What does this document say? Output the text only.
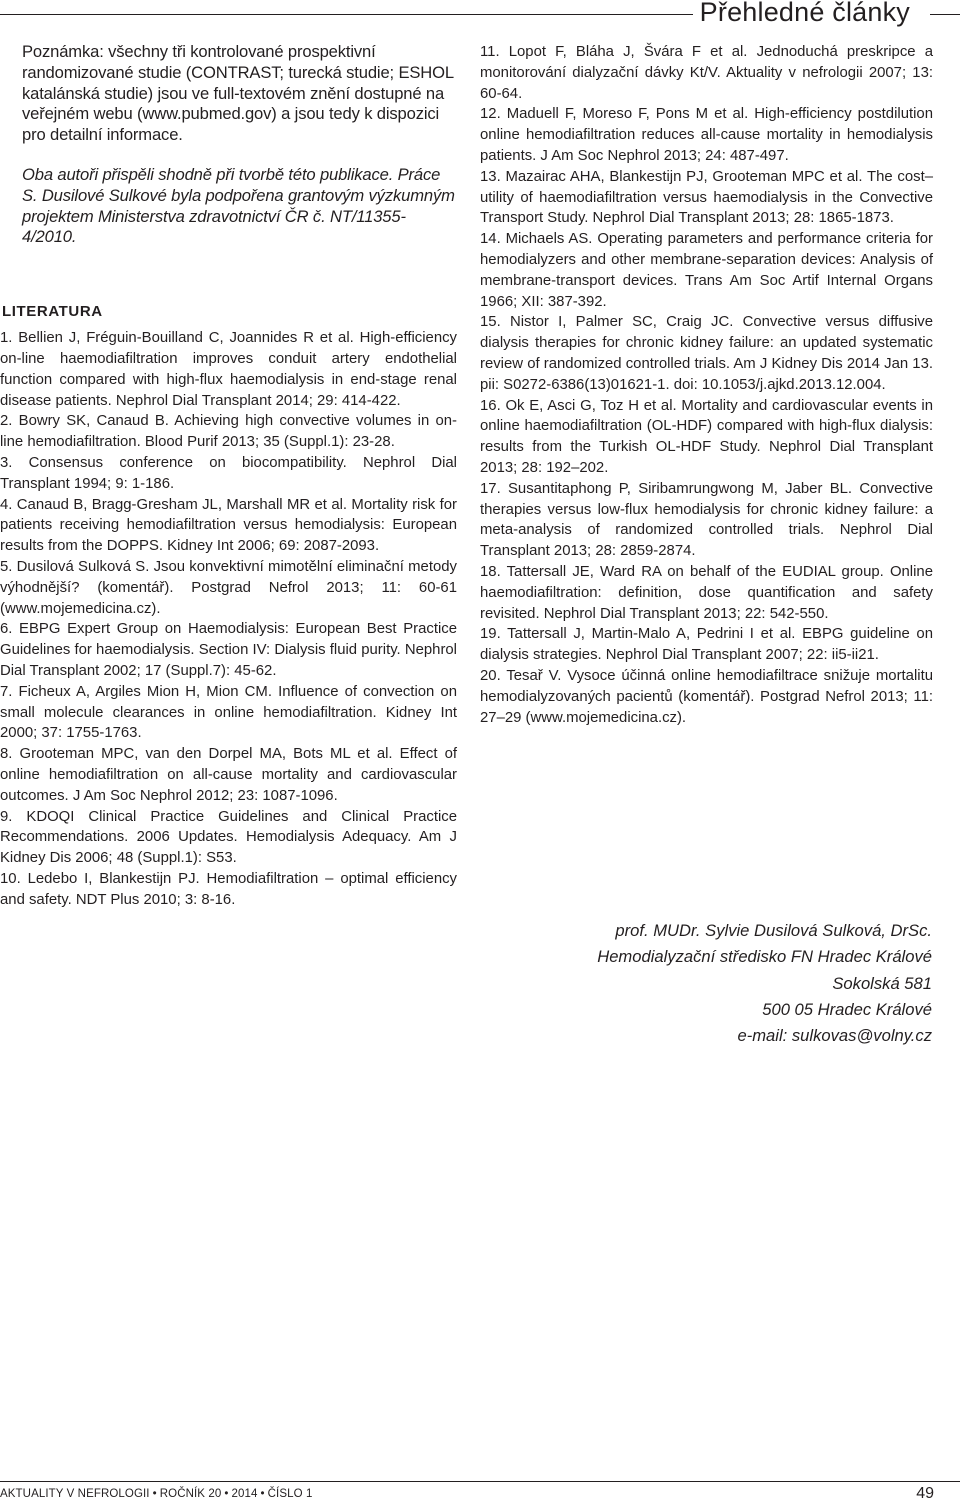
Přehledné články

Poznámka: všechny tři kontrolované prospektivní randomizované studie (CONTRAST; turecká studie; ESHOL katalánská studie) jsou ve full-textovém znění dostupné na veřejném webu (www.pubmed.gov) a jsou tedy k dispozici pro detailní informace.

Oba autoři přispěli shodně při tvorbě této publikace. Práce S. Dusilové Sulkové byla podpořena grantovým výzkumným projektem Ministerstva zdravotnictví ČR č. NT/11355-4/2010.

LITERATURA
1. Bellien J, Fréguin-Bouilland C, Joannides R et al. High-efficiency on-line haemodiafiltration improves conduit artery endothelial function compared with high-flux haemodialysis in end-stage renal disease patients. Nephrol Dial Transplant 2014; 29: 414-422.
2. Bowry SK, Canaud B. Achieving high convective volumes in on-line hemodiafiltration. Blood Purif 2013; 35 (Suppl.1): 23-28.
3. Consensus conference on biocompatibility. Nephrol Dial Transplant 1994; 9: 1-186.
4. Canaud B, Bragg-Gresham JL, Marshall MR et al. Mortality risk for patients receiving hemodiafiltration versus hemodialysis: European results from the DOPPS. Kidney Int 2006; 69: 2087-2093.
5. Dusilová Sulková S. Jsou konvektivní mimotělní eliminační metody výhodnější? (komentář). Postgrad Nefrol 2013; 11: 60-61 (www.mojemedicina.cz).
6. EBPG Expert Group on Haemodialysis: European Best Practice Guidelines for haemodialysis. Section IV: Dialysis fluid purity. Nephrol Dial Transplant 2002; 17 (Suppl.7): 45-62.
7. Ficheux A, Argiles Mion H, Mion CM. Influence of convection on small molecule clearances in online hemodiafiltration. Kidney Int 2000; 37: 1755-1763.
8. Grooteman MPC, van den Dorpel MA, Bots ML et al. Effect of online hemodiafiltration on all-cause mortality and cardiovascular outcomes. J Am Soc Nephrol 2012; 23: 1087-1096.
9. KDOQI Clinical Practice Guidelines and Clinical Practice Recommendations. 2006 Updates. Hemodialysis Adequacy. Am J Kidney Dis 2006; 48 (Suppl.1): S53.
10. Ledebo I, Blankestijn PJ. Hemodiafiltration – optimal efficiency and safety. NDT Plus 2010; 3: 8-16.
11. Lopot F, Bláha J, Švára F et al. Jednoduchá preskripce a monitorování dialyzační dávky Kt/V. Aktuality v nefrologii 2007; 13: 60-64.
12. Maduell F, Moreso F, Pons M et al. High-efficiency postdilution online hemodiafiltration reduces all-cause mortality in hemodialysis patients. J Am Soc Nephrol 2013; 24: 487-497.
13. Mazairac AHA, Blankestijn PJ, Grooteman MPC et al. The cost–utility of haemodiafiltration versus haemodialysis in the Convective Transport Study. Nephrol Dial Transplant 2013; 28: 1865-1873.
14. Michaels AS. Operating parameters and performance criteria for hemodialyzers and other membrane-separation devices: Analysis of membrane-transport devices. Trans Am Soc Artif Internal Organs 1966; XII: 387-392.
15. Nistor I, Palmer SC, Craig JC. Convective versus diffusive dialysis therapies for chronic kidney failure: an updated systematic review of randomized controlled trials. Am J Kidney Dis 2014 Jan 13. pii: S0272-6386(13)01621-1. doi: 10.1053/j.ajkd.2013.12.004.
16. Ok E, Asci G, Toz H et al. Mortality and cardiovascular events in online haemodiafiltration (OL-HDF) compared with high-flux dialysis: results from the Turkish OL-HDF Study. Nephrol Dial Transplant 2013; 28: 192–202.
17. Susantitaphong P, Siribamrungwong M, Jaber BL. Convective therapies versus low-flux hemodialysis for chronic kidney failure: a meta-analysis of randomized controlled trials. Nephrol Dial Transplant 2013; 28: 2859-2874.
18. Tattersall JE, Ward RA on behalf of the EUDIAL group. Online haemodiafiltration: definition, dose quantification and safety revisited. Nephrol Dial Transplant 2013; 22: 542-550.
19. Tattersall J, Martin-Malo A, Pedrini I et al. EBPG guideline on dialysis strategies. Nephrol Dial Transplant 2007; 22: ii5-ii21.
20. Tesař V. Vysoce účinná online hemodiafiltrace snižuje mortalitu hemodialyzovaných pacientů (komentář). Postgrad Nefrol 2013; 11: 27–29 (www.mojemedicina.cz).
prof. MUDr. Sylvie Dusilová Sulková, DrSc.
Hemodialyzační středisko FN Hradec Králové
Sokolská 581
500 05 Hradec Králové
e-mail: sulkovas@volny.cz
AKTUALITY V NEFROLOGII • ROČNÍK 20 • 2014 • ČÍSLO 1	49
